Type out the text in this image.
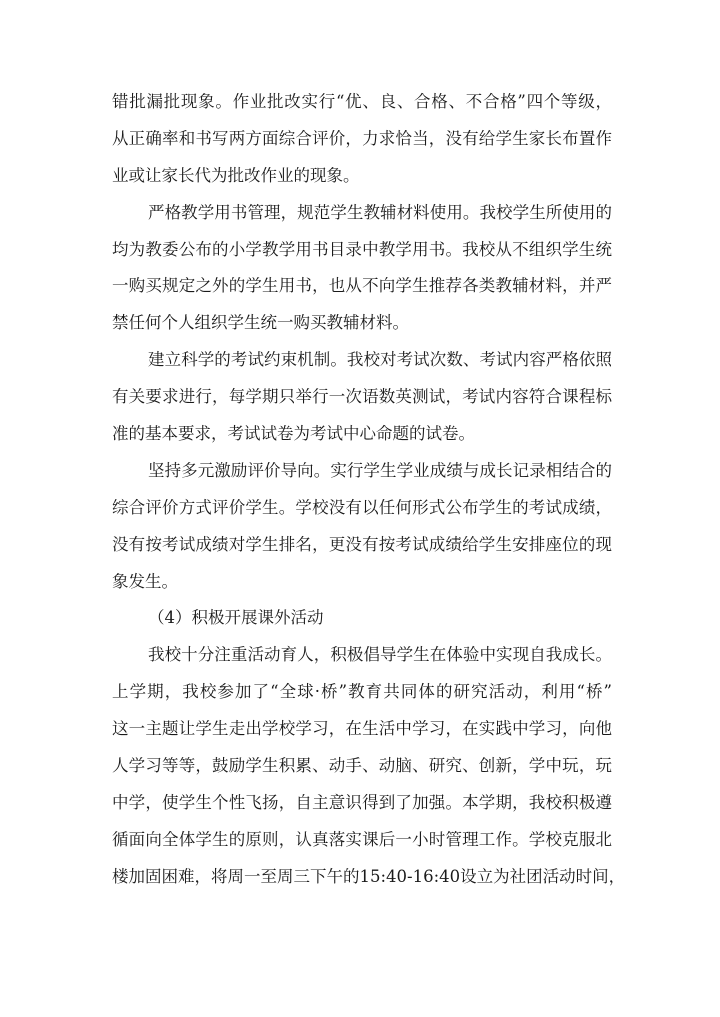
错批漏批现象。作业批改实行“优、良、合格、不合格”四个等级，
从正确率和书写两方面综合评价，力求恰当，没有给学生家长布置作
业或让家长代为批改作业的现象。
严格教学用书管理，规范学生教辅材料使用。我校学生所使用的
均为教委公布的小学教学用书目录中教学用书。我校从不组织学生统
一购买规定之外的学生用书，也从不向学生推荐各类教辅材料，并严
禁任何个人组织学生统一购买教辅材料。
建立科学的考试约束机制。我校对考试次数、考试内容严格依照
有关要求进行，每学期只举行一次语数英测试，考试内容符合课程标
准的基本要求，考试试卷为考试中心命题的试卷。
坚持多元激励评价导向。实行学生学业成绩与成长记录相结合的
综合评价方式评价学生。学校没有以任何形式公布学生的考试成绩，
没有按考试成绩对学生排名，更没有按考试成绩给学生安排座位的现
象发生。
（4）积极开展课外活动
我校十分注重活动育人，积极倡导学生在体验中实现自我成长。
上学期，我校参加了“全球·桥”教育共同体的研究活动，利用“桥”
这一主题让学生走出学校学习，在生活中学习，在实践中学习，向他
人学习等等，鼓励学生积累、动手、动脑、研究、创新，学中玩，玩
中学，使学生个性飞扬，自主意识得到了加强。本学期，我校积极遵
循面向全体学生的原则，认真落实课后一小时管理工作。学校克服北
楼加固困难，将周一至周三下午的15:40-16:40设立为社团活动时间，
